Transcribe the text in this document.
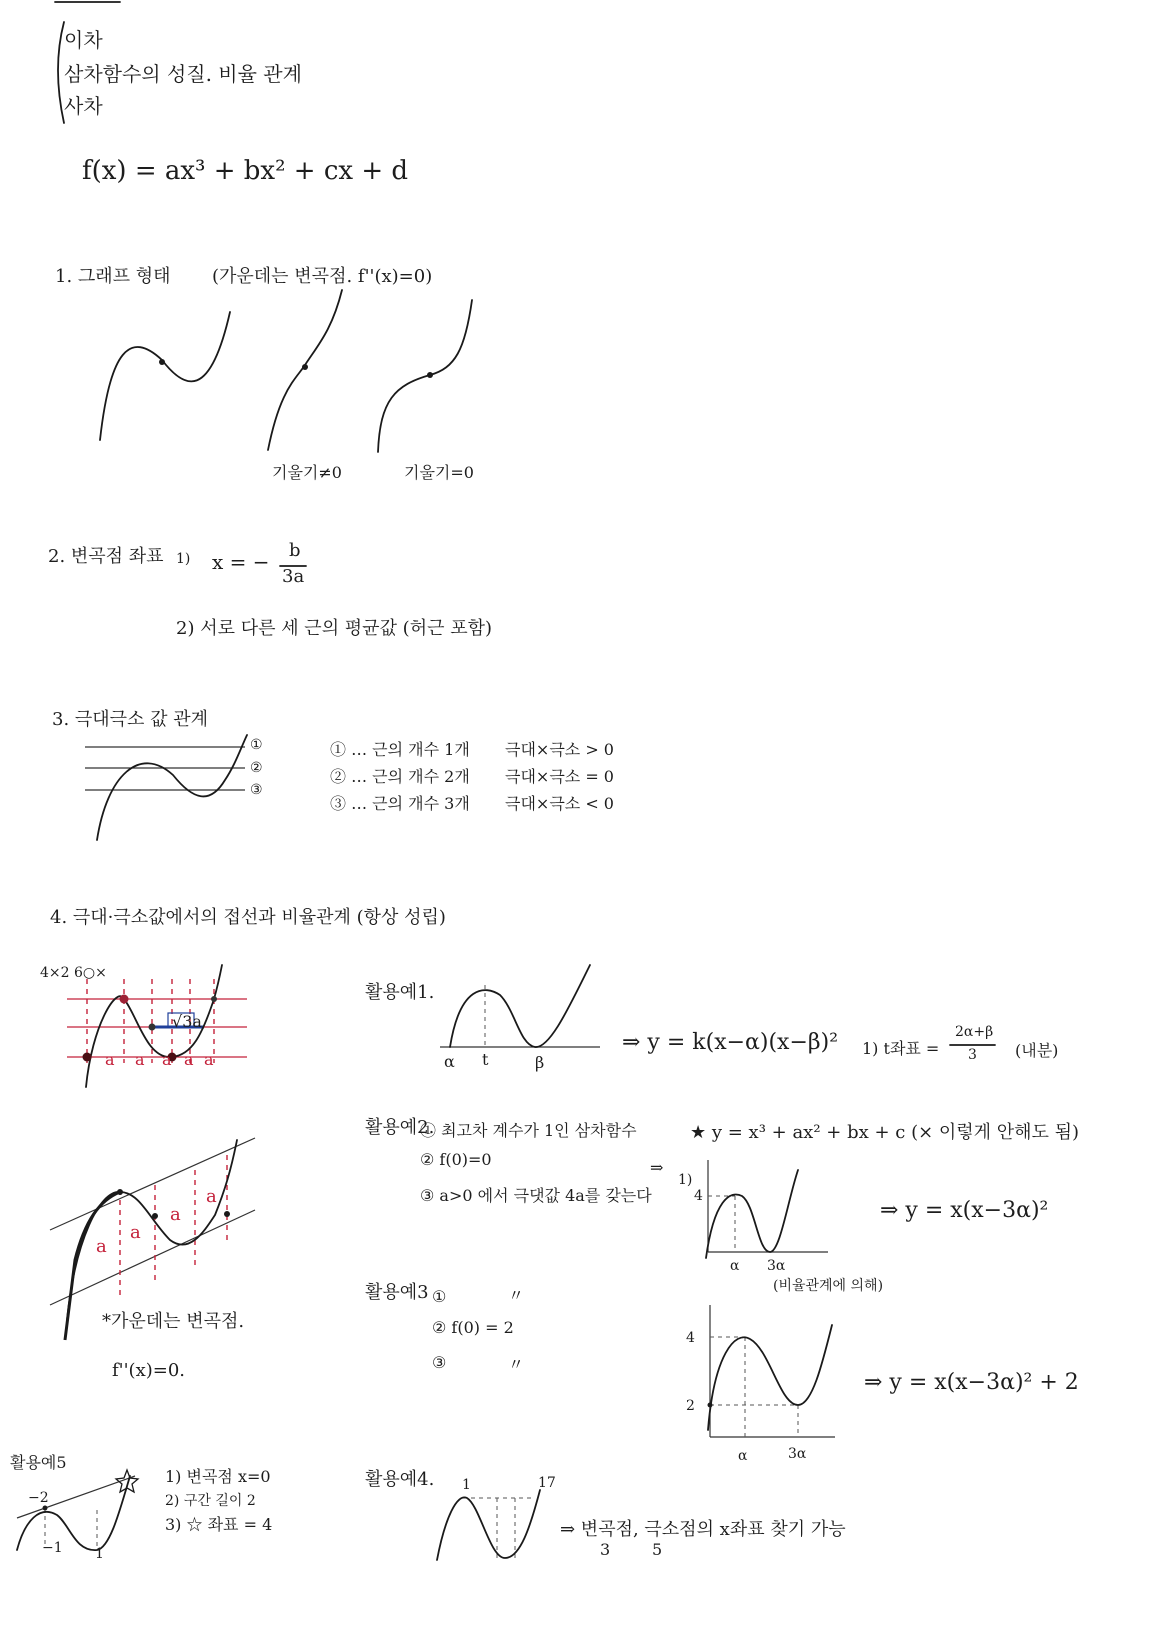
이차
삼차함수의 성질. 비율 관계
사차
f(x) = ax³ + bx² + cx + d
1. 그래프 형태 (가운데는 변곡점. f''(x)=0)
기울기≠0	기울기=0
2. 변곡점 좌표 1) x = − b
3a
2) 서로 다른 세 근의 평균값 (허근 포함)
3. 극대극소 값 관계
①
②
③
① … 근의 개수 1개 극대×극소 > 0
② … 근의 개수 2개 극대×극소 = 0
③ … 근의 개수 3개 극대×극소 < 0
4. 극대·극소값에서의 접선과 비율관계 (항상 성립)
4×2 6○×
√3a
a a a a a
a
a
a
a
*가운데는 변곡점.
f''(x)=0.
활용예1.
α t	β
⇒ y = k(x−α)(x−β)² 1) t좌표 =
2α+β
3 (내분)
활용예2.
① 최고차 계수가 1인 삼차함수
② f(0)=0
③ a>0 에서 극댓값 4a를 갖는다
★ y = x³ + ax² + bx + c (× 이렇게 안해도 됨)
⇒
1)
4
α 3α
(비율관계에 의해)
⇒ y = x(x−3α)²
활용예3 ①	〃
② f(0) = 2
③	〃
4
2
α	3α
⇒ y = x(x−3α)² + 2
활용예4. 1	17
⇒ 변곡점, 극소점의 x좌표 찾기 가능
3	5
활용예5
−2
−1 1
1) 변곡점 x=0
2) 구간 길이 2
3) ☆ 좌표 = 4
